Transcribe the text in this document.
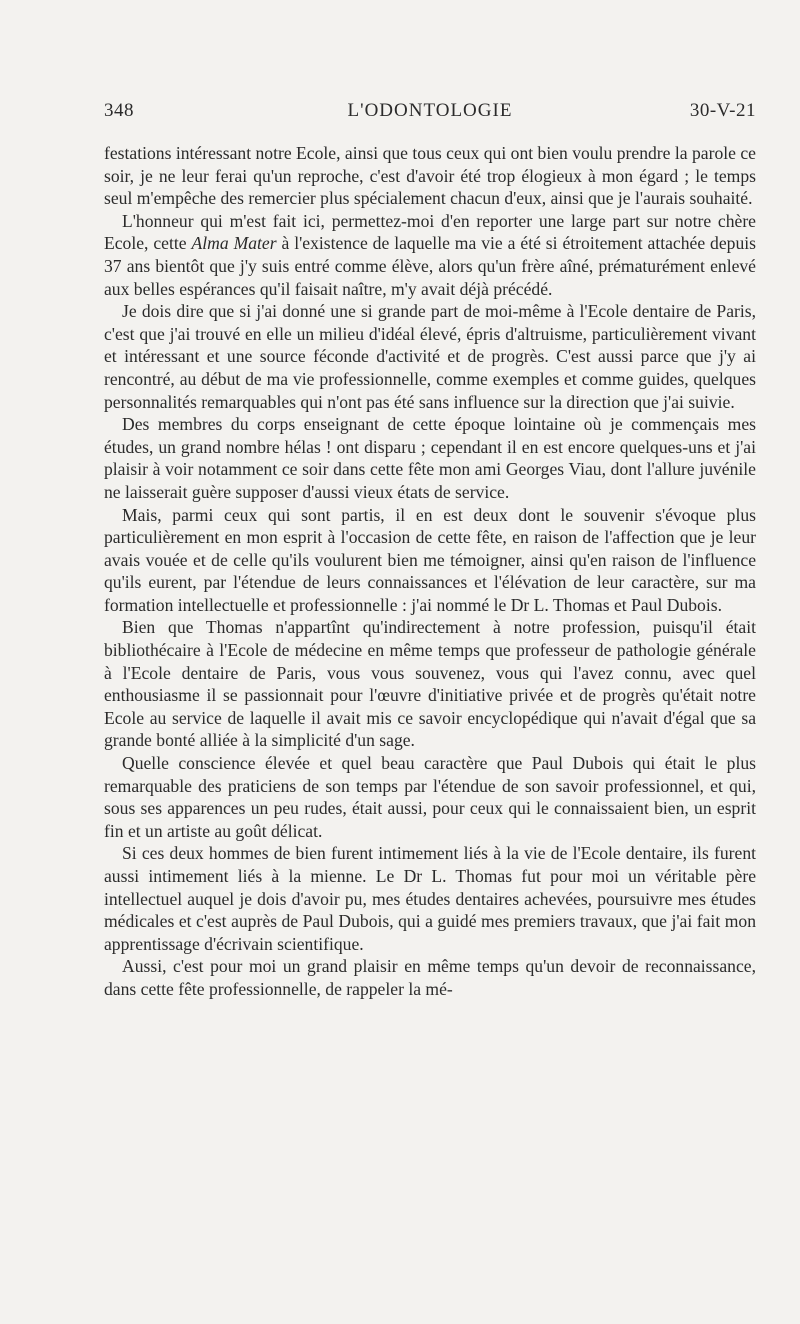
348	L'ODONTOLOGIE	30-V-21

festations intéressant notre Ecole, ainsi que tous ceux qui ont bien voulu prendre la parole ce soir, je ne leur ferai qu'un reproche, c'est d'avoir été trop élogieux à mon égard ; le temps seul m'empêche des remercier plus spécialement chacun d'eux, ainsi que je l'aurais souhaité.

L'honneur qui m'est fait ici, permettez-moi d'en reporter une large part sur notre chère Ecole, cette Alma Mater à l'existence de laquelle ma vie a été si étroitement attachée depuis 37 ans bientôt que j'y suis entré comme élève, alors qu'un frère aîné, prématurément enlevé aux belles espérances qu'il faisait naître, m'y avait déjà précédé.

Je dois dire que si j'ai donné une si grande part de moi-même à l'Ecole dentaire de Paris, c'est que j'ai trouvé en elle un milieu d'idéal élevé, épris d'altruisme, particulièrement vivant et intéressant et une source féconde d'activité et de progrès. C'est aussi parce que j'y ai rencontré, au début de ma vie professionnelle, comme exemples et comme guides, quelques personnalités remarquables qui n'ont pas été sans influence sur la direction que j'ai suivie.

Des membres du corps enseignant de cette époque lointaine où je commençais mes études, un grand nombre hélas ! ont disparu ; cependant il en est encore quelques-uns et j'ai plaisir à voir notamment ce soir dans cette fête mon ami Georges Viau, dont l'allure juvénile ne laisserait guère supposer d'aussi vieux états de service.

Mais, parmi ceux qui sont partis, il en est deux dont le souvenir s'évoque plus particulièrement en mon esprit à l'occasion de cette fête, en raison de l'affection que je leur avais vouée et de celle qu'ils voulurent bien me témoigner, ainsi qu'en raison de l'influence qu'ils eurent, par l'étendue de leurs connaissances et l'élévation de leur caractère, sur ma formation intellectuelle et professionnelle : j'ai nommé le Dr L. Thomas et Paul Dubois.

Bien que Thomas n'appartînt qu'indirectement à notre profession, puisqu'il était bibliothécaire à l'Ecole de médecine en même temps que professeur de pathologie générale à l'Ecole dentaire de Paris, vous vous souvenez, vous qui l'avez connu, avec quel enthousiasme il se passionnait pour l'œuvre d'initiative privée et de progrès qu'était notre Ecole au service de laquelle il avait mis ce savoir encyclopédique qui n'avait d'égal que sa grande bonté alliée à la simplicité d'un sage.

Quelle conscience élevée et quel beau caractère que Paul Dubois qui était le plus remarquable des praticiens de son temps par l'étendue de son savoir professionnel, et qui, sous ses apparences un peu rudes, était aussi, pour ceux qui le connaissaient bien, un esprit fin et un artiste au goût délicat.

Si ces deux hommes de bien furent intimement liés à la vie de l'Ecole dentaire, ils furent aussi intimement liés à la mienne. Le Dr L. Thomas fut pour moi un véritable père intellectuel auquel je dois d'avoir pu, mes études dentaires achevées, poursuivre mes études médicales et c'est auprès de Paul Dubois, qui a guidé mes premiers travaux, que j'ai fait mon apprentissage d'écrivain scientifique.

Aussi, c'est pour moi un grand plaisir en même temps qu'un devoir de reconnaissance, dans cette fête professionnelle, de rappeler la mé-
